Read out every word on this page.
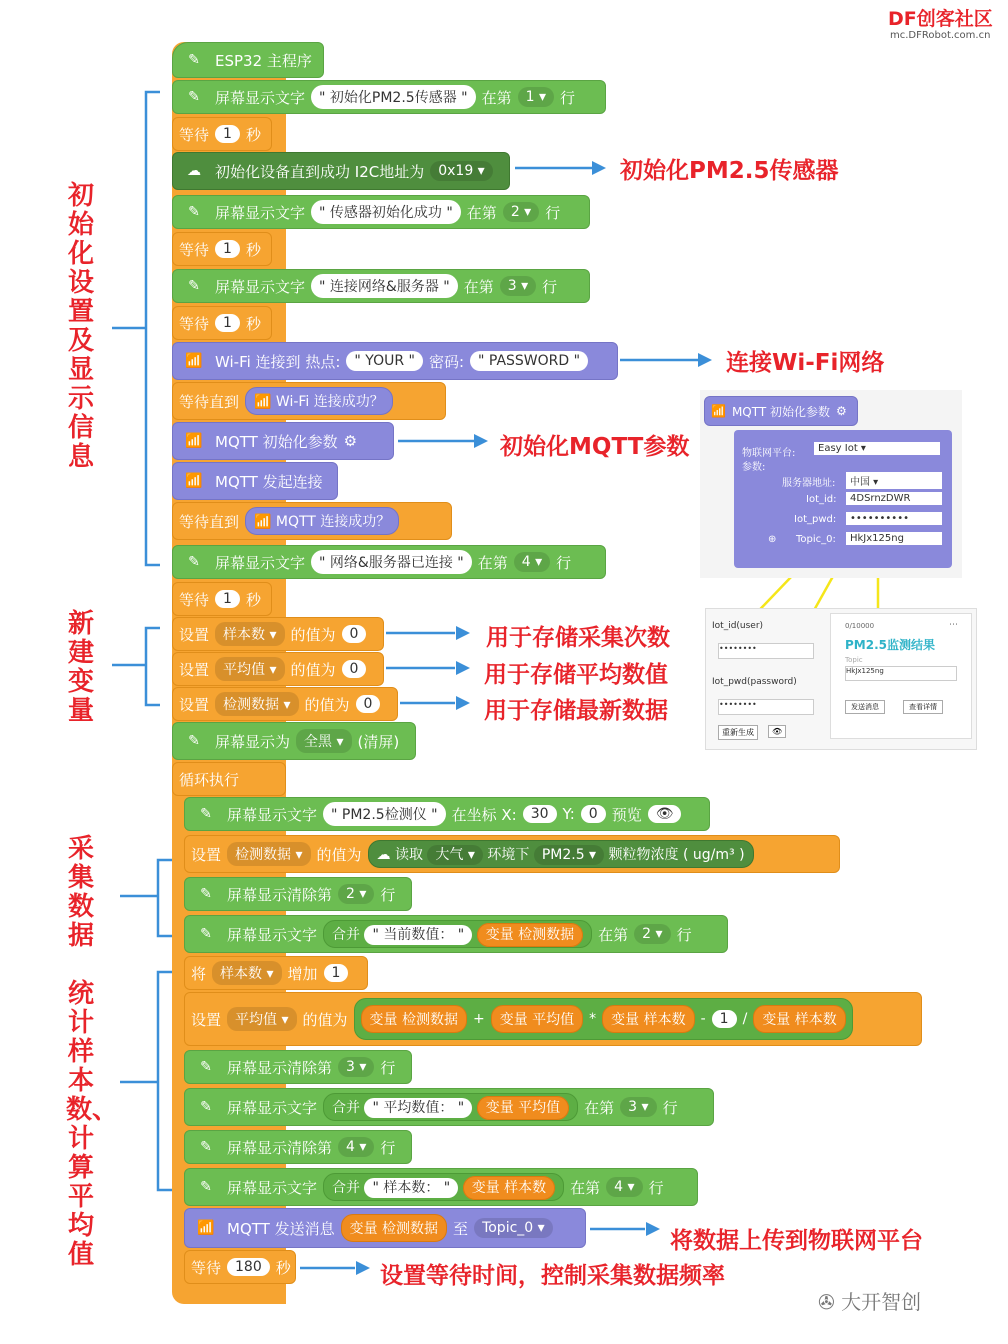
DF创客社区
mc.DFRobot.com.cn
✎	ESP32 主程序
✎	屏幕显示文字	" 初始化PM2.5传感器 " 在第	1 ▾ 行
等待	1 秒
☁ 初始化设备直到成功 I2C地址为	0x19 ▾
✎	屏幕显示文字	" 传感器初始化成功 " 在第	2 ▾ 行
等待	1 秒
✎	屏幕显示文字	" 连接网络&服务器 " 在第	3 ▾ 行
等待	1 秒
📶 Wi-Fi 连接到 热点:	" YOUR " 密码:	" PASSWORD "
等待直到	📶 Wi-Fi 连接成功？
📶 MQTT 初始化参数 ⚙
📶 MQTT 发起连接
等待直到	📶 MQTT 连接成功？
✎	屏幕显示文字	" 网络&服务器已连接 " 在第	4 ▾ 行
等待	1 秒
设置	样本数 ▾ 的值为	0
设置	平均值 ▾ 的值为	0
设置	检测数据 ▾ 的值为	0
✎	屏幕显示为	全黑 ▾ (清屏)
循环执行
✎	屏幕显示文字	" PM2.5检测仪 " 在坐标 X:	30 Y:	0 预览	👁
设置	检测数据 ▾ 的值为	☁ 读取 大气 ▾ 环境下 PM2.5 ▾ 颗粒物浓度 ( ug/m³ )
✎	屏幕显示清除第	2 ▾ 行
✎	屏幕显示文字	合并 " 当前数值： " 变量 检测数据	在第	2 ▾ 行
将	样本数 ▾ 增加	1
设置	平均值 ▾ 的值为	变量 检测数据	+	变量 平均值	*	变量 样本数	-	1	/	变量 样本数
✎	屏幕显示清除第	3 ▾ 行
✎	屏幕显示文字	合并 " 平均数值： " 变量 平均值	在第	3 ▾ 行
✎	屏幕显示清除第	4 ▾ 行
✎	屏幕显示文字	合并 " 样本数： " 变量 样本数	在第	4 ▾ 行
📶 MQTT 发送消息	变量 检测数据	至	Topic_0 ▾
等待	180 秒
初始化设置及显示信息
新建变量
采集数据
统计样本数、计算平均值
初始化PM2.5传感器
连接Wi-Fi网络
初始化MQTT参数
用于存储采集次数
用于存储平均数值
用于存储最新数据
将数据上传到物联网平台
设置等待时间，控制采集数据频率
📶 MQTT 初始化参数 ⚙
物联网平台:	Easy Iot ▾
参数:
服务器地址:	中国 ▾
Iot_id:	4DSrnzDWR
Iot_pwd:	••••••••••
⊕ Topic_0:	HkJx125ng
Iot_id(user)
••••••••
Iot_pwd(password)
••••••••
重新生成	👁
0/10000	⋯
PM2.5监测结果
Topic
HkJx125ng
发送消息	查看详情
✇ 大开智创
